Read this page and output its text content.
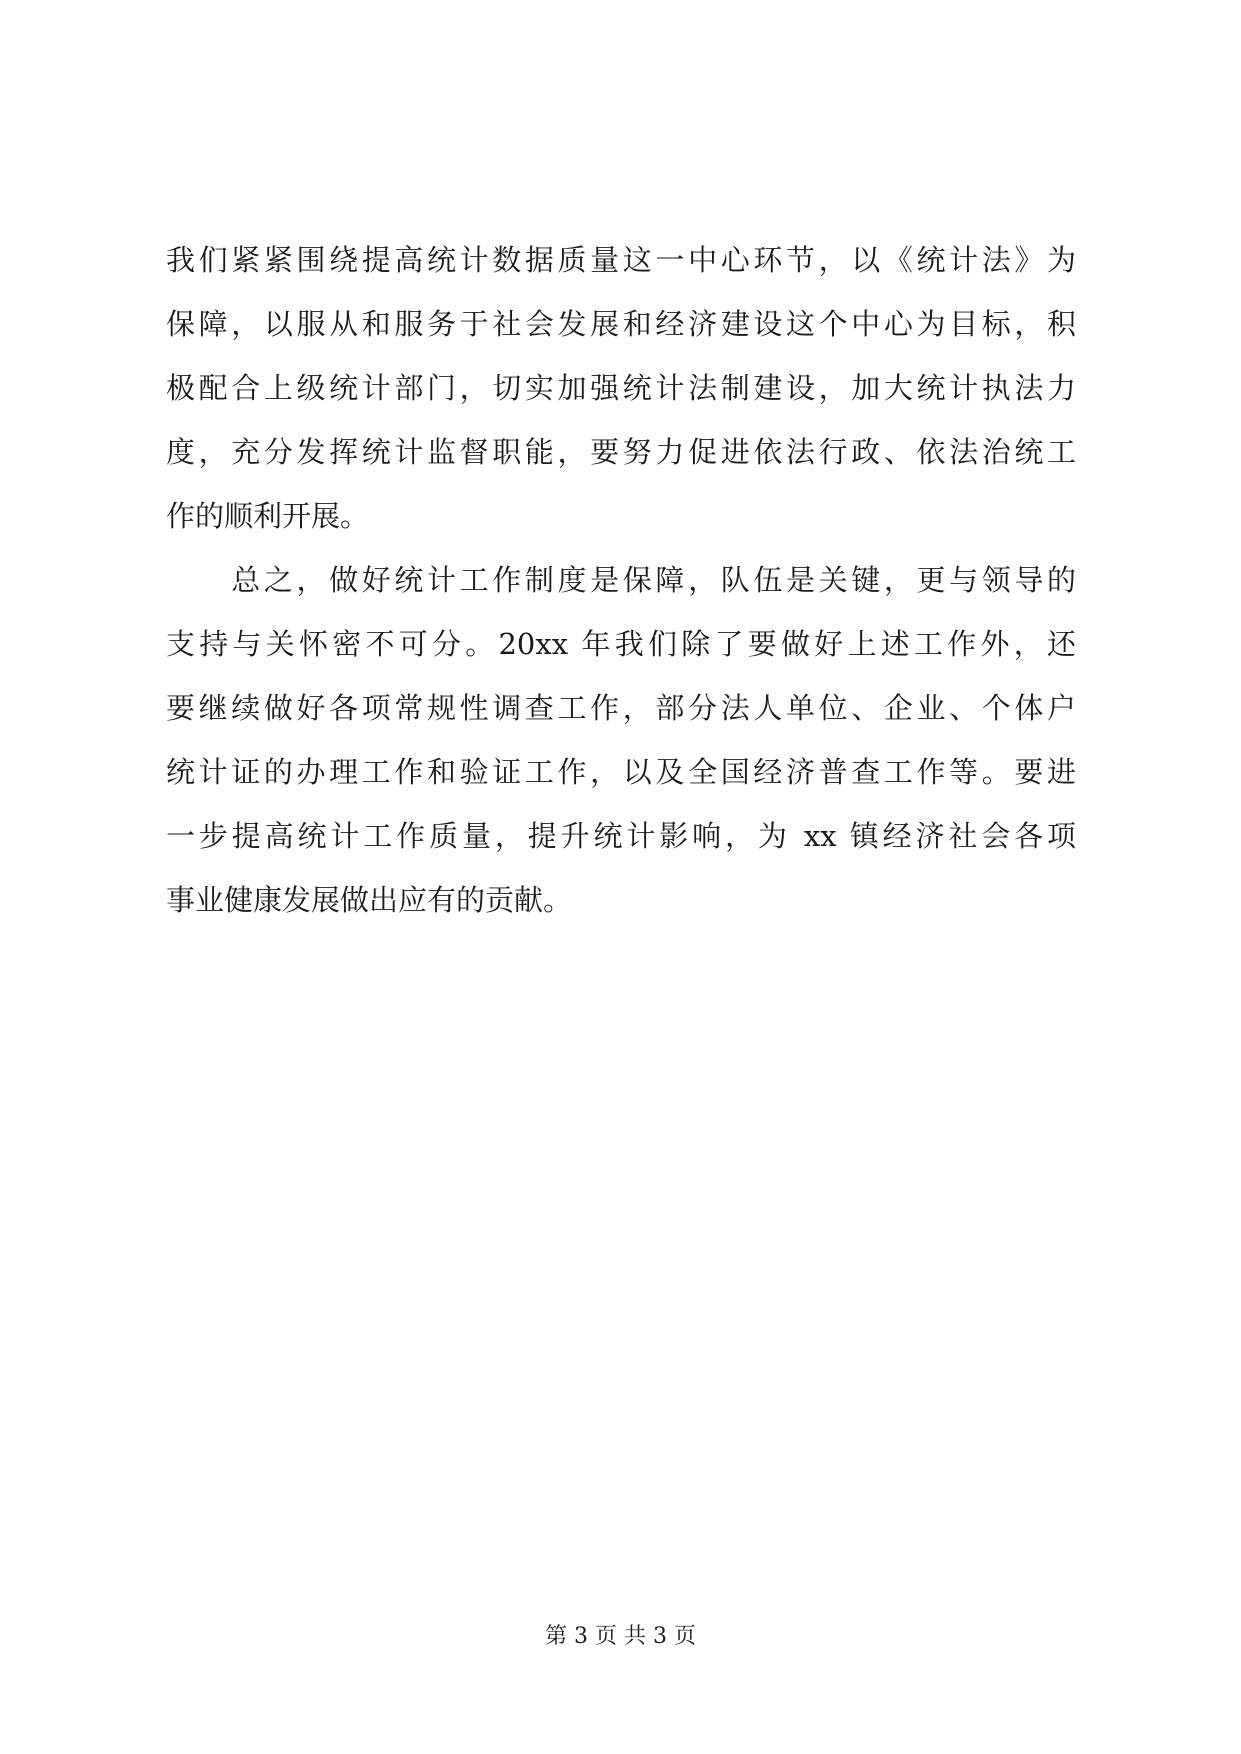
我们紧紧围绕提高统计数据质量这一中心环节，以《统计法》为
保障，以服从和服务于社会发展和经济建设这个中心为目标，积
极配合上级统计部门，切实加强统计法制建设，加大统计执法力
度，充分发挥统计监督职能，要努力促进依法行政、依法治统工
作的顺利开展。
　　总之，做好统计工作制度是保障，队伍是关键，更与领导的
支持与关怀密不可分。20xx 年我们除了要做好上述工作外，还
要继续做好各项常规性调查工作，部分法人单位、企业、个体户
统计证的办理工作和验证工作，以及全国经济普查工作等。要进
一步提高统计工作质量，提升统计影响，为 xx 镇经济社会各项
事业健康发展做出应有的贡献。
第 3 页 共 3 页
